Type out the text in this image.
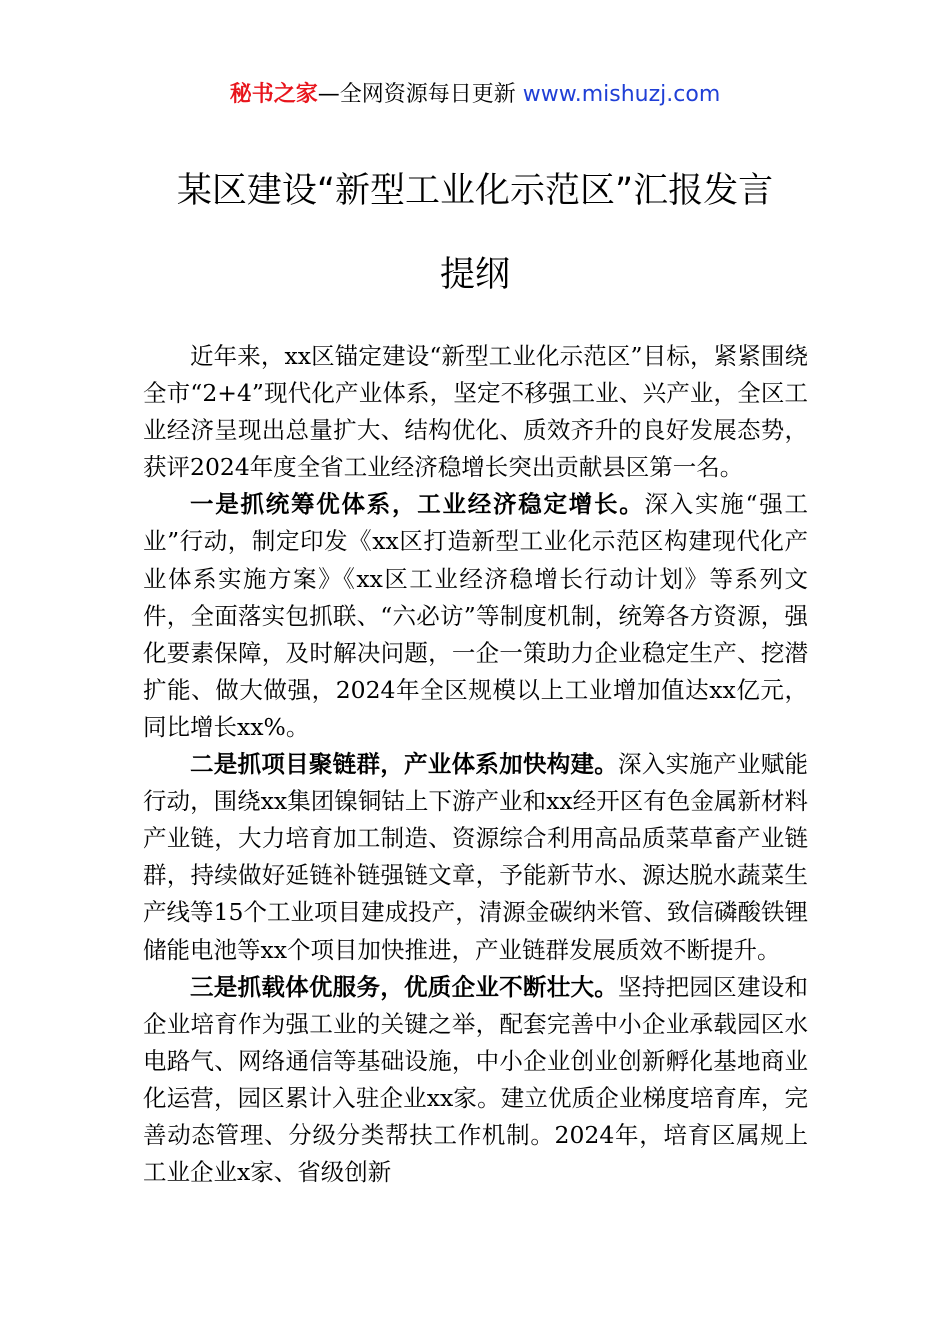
秘书之家—全网资源每日更新 www.mishuzj.com
某区建设“新型工业化示范区”汇报发言
提纲

近年来，xx区锚定建设“新型工业化示范区”目标，紧紧围绕全市“2+4”现代化产业体系，坚定不移强工业、兴产业，全区工业经济呈现出总量扩大、结构优化、质效齐升的良好发展态势，获评2024年度全省工业经济稳增长突出贡献县区第一名。

一是抓统筹优体系，工业经济稳定增长。深入实施“强工业”行动，制定印发《xx区打造新型工业化示范区构建现代化产业体系实施方案》《xx区工业经济稳增长行动计划》等系列文件，全面落实包抓联、“六必访”等制度机制，统筹各方资源，强化要素保障，及时解决问题，一企一策助力企业稳定生产、挖潜扩能、做大做强，2024年全区规模以上工业增加值达xx亿元，同比增长xx%。

二是抓项目聚链群，产业体系加快构建。深入实施产业赋能行动，围绕xx集团镍铜钴上下游产业和xx经开区有色金属新材料产业链，大力培育加工制造、资源综合利用高品质菜草畜产业链群，持续做好延链补链强链文章，予能新节水、源达脱水蔬菜生产线等15个工业项目建成投产，清源金碳纳米管、致信磷酸铁锂储能电池等xx个项目加快推进，产业链群发展质效不断提升。

三是抓载体优服务，优质企业不断壮大。坚持把园区建设和企业培育作为强工业的关键之举，配套完善中小企业承载园区水电路气、网络通信等基础设施，中小企业创业创新孵化基地商业化运营，园区累计入驻企业xx家。建立优质企业梯度培育库，完善动态管理、分级分类帮扶工作机制。2024年，培育区属规上工业企业x家、省级创新
